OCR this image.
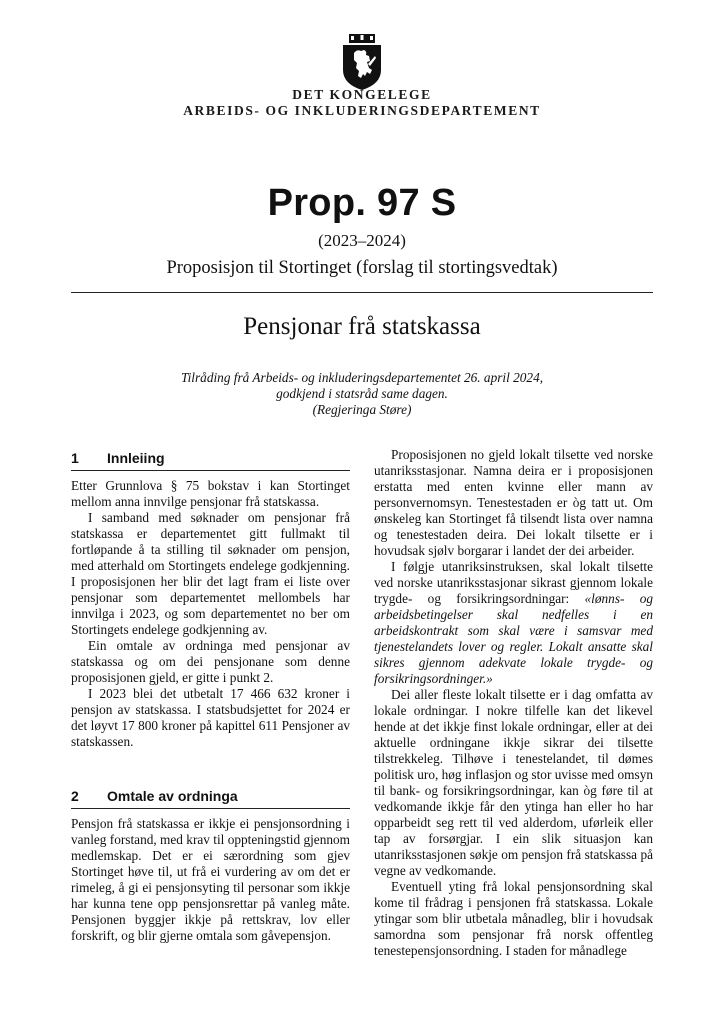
DET KONGELEGE
ARBEIDS- OG INKLUDERINGSDEPARTEMENT
Prop. 97 S
(2023–2024)
Proposisjon til Stortinget (forslag til stortingsvedtak)
Pensjonar frå statskassa
Tilråding frå Arbeids- og inkluderingsdepartementet 26. april 2024,
godkjend i statsråd same dagen.
(Regjeringa Støre)
1	Innleiing

Etter Grunnlova § 75 bokstav i kan Stortinget mellom anna innvilge pensjonar frå statskassa.

I samband med søknader om pensjonar frå statskassa er departementet gitt fullmakt til fortløpande å ta stilling til søknader om pensjon, med atterhald om Stortingets endelege godkjenning. I proposisjonen her blir det lagt fram ei liste over pensjonar som departementet mellombels har innvilga i 2023, og som departementet no ber om Stortingets endelege godkjenning av.

Ein omtale av ordninga med pensjonar av statskassa og om dei pensjonane som denne proposisjonen gjeld, er gitte i punkt 2.

I 2023 blei det utbetalt 17 466 632 kroner i pensjon av statskassa. I statsbudsjettet for 2024 er det løyvt 17 800 kroner på kapittel 611 Pensjoner av statskassen.

2	Omtale av ordninga

Pensjon frå statskassa er ikkje ei pensjonsordning i vanleg forstand, med krav til oppteningstid gjennom medlemskap. Det er ei særordning som gjev Stortinget høve til, ut frå ei vurdering av om det er rimeleg, å gi ei pensjonsyting til personar som ikkje har kunna tene opp pensjonsrettar på vanleg måte. Pensjonen byggjer ikkje på rettskrav, lov eller forskrift, og blir gjerne omtala som gåvepensjon.

Proposisjonen no gjeld lokalt tilsette ved norske utanriksstasjonar. Namna deira er i proposisjonen erstatta med enten kvinne eller mann av personvernomsyn. Tenestestaden er òg tatt ut. Om ønskeleg kan Stortinget få tilsendt lista over namna og tenestestaden deira. Dei lokalt tilsette er i hovudsak sjølv borgarar i landet der dei arbeider.

I følgje utanriksinstruksen, skal lokalt tilsette ved norske utanriksstasjonar sikrast gjennom lokale trygde- og forsikringsordningar: «lønns- og arbeidsbetingelser skal nedfelles i en arbeidskontrakt som skal være i samsvar med tjenestelandets lover og regler. Lokalt ansatte skal sikres gjennom adekvate lokale trygde- og forsikringsordninger.»

Dei aller fleste lokalt tilsette er i dag omfatta av lokale ordningar. I nokre tilfelle kan det likevel hende at det ikkje finst lokale ordningar, eller at dei aktuelle ordningane ikkje sikrar dei tilsette tilstrekkeleg. Tilhøve i tenestelandet, til dømes politisk uro, høg inflasjon og stor uvisse med omsyn til bank- og forsikringsordningar, kan òg føre til at vedkomande ikkje får den ytinga han eller ho har opparbeidt seg rett til ved alderdom, uførleik eller tap av forsørgjar. I ein slik situasjon kan utanriksstasjonen søkje om pensjon frå statskassa på vegne av vedkomande.

Eventuell yting frå lokal pensjonsordning skal kome til frådrag i pensjonen frå statskassa. Lokale ytingar som blir utbetala månadleg, blir i hovudsak samordna som pensjonar frå norsk offentleg tenestepensjonsordning. I staden for månadlege
